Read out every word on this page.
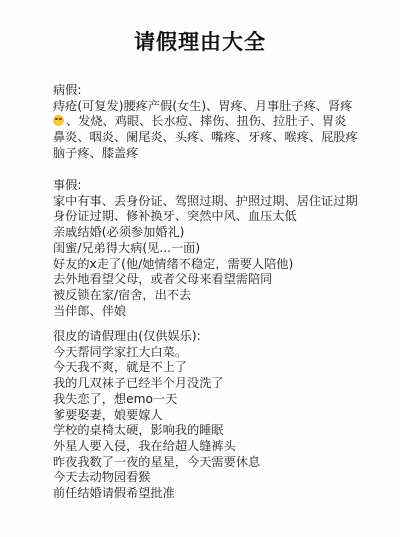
请假理由大全
病假:
痔疮(可复发)腰疼产假(女生)、胃疼、月事肚子疼、肾疼
、发烧、鸡眼、长水痘、摔伤、扭伤、拉肚子、胃炎
鼻炎、咽炎、阑尾炎、头疼、嘴疼、牙疼、喉疼、屁股疼
脑子疼、膝盖疼
事假:
家中有事、丢身份证、驾照过期、护照过期、居住证过期
身份证过期、修补换牙、突然中风、血压太低
亲戚结婚(必须参加婚礼)
闺蜜/兄弟得大病(见...一面)
好友的x走了(他/她情绪不稳定，需要人陪他)
去外地看望父母，或者父母来看望需陪同
被反锁在家/宿舍，出不去
当伴郎、伴娘
很皮的请假理由(仅供娱乐):
今天帮同学家扛大白菜。
今天我不爽，就是不上了
我的几双袜子已经半个月没洗了
我失恋了，想emo一天
爹要娶妻，娘要嫁人
学校的桌椅太硬，影响我的睡眠
外星人要入侵，我在给超人缝裤头
昨夜我数了一夜的星星，今天需要休息
今天去动物园看猴
前任结婚请假希望批准
